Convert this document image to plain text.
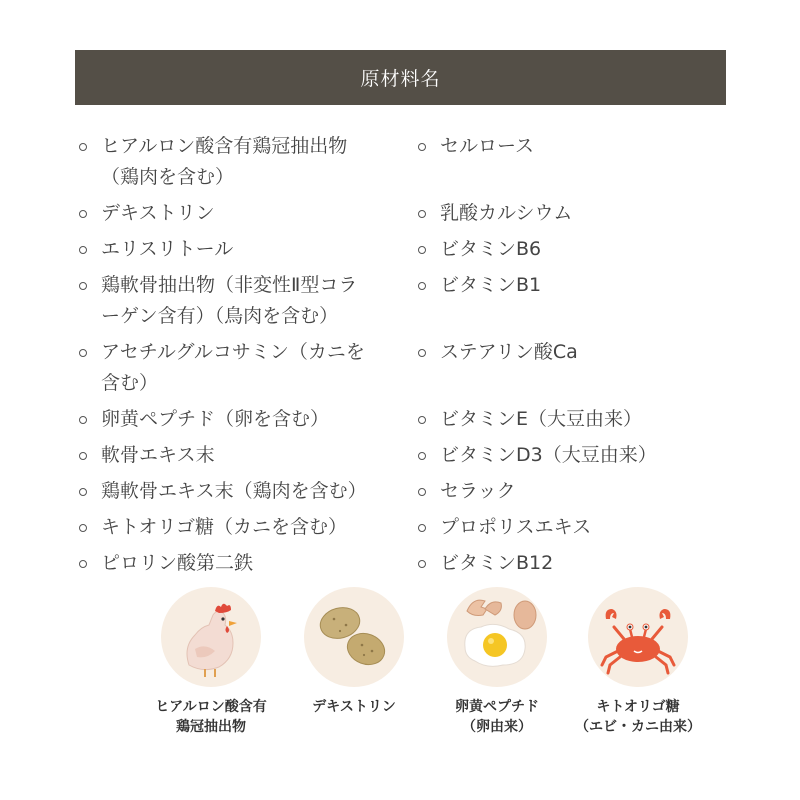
原材料名
ヒアルロン酸含有鶏冠抽出物
（鶏肉を含む）
デキストリン
エリスリトール
鶏軟骨抽出物（非変性Ⅱ型コラ
ーゲン含有）（鳥肉を含む）
アセチルグルコサミン（カニを
含む）
卵黄ペプチド（卵を含む）
軟骨エキス末
鶏軟骨エキス末（鶏肉を含む）
キトオリゴ糖（カニを含む）
ピロリン酸第二鉄
セルロース
乳酸カルシウム
ビタミンB6
ビタミンB1
ステアリン酸Ca
ビタミンE（大豆由来）
ビタミンD3（大豆由来）
セラック
プロポリスエキス
ビタミンB12
ヒアルロン酸含有
鶏冠抽出物
デキストリン	卵黄ペプチド
（卵由来）
キトオリゴ糖
（エビ・カニ由来）
